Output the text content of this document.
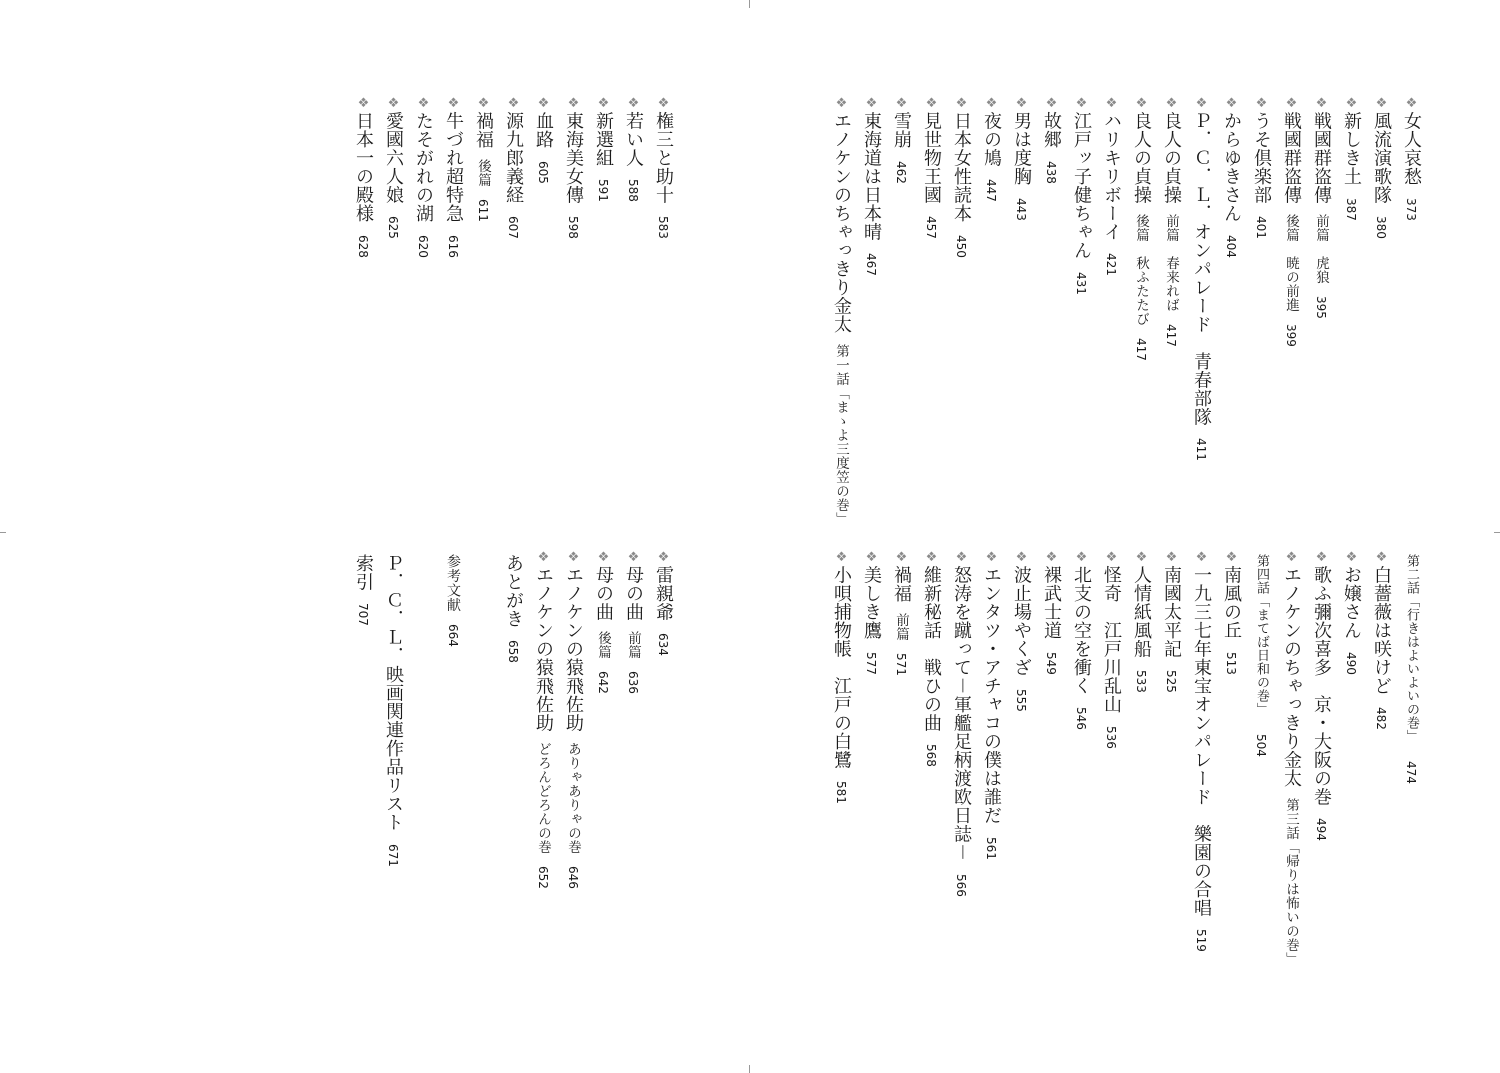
❖女人哀愁373
❖風流演歌隊380
❖新しき土387
❖戦國群盗傳前篇　虎狼395
❖戦國群盗傳後篇　暁の前進399
❖うそ倶楽部401
❖からゆきさん404
❖Ｐ．Ｃ．Ｌ．オンパレード　青春部隊411
❖良人の貞操前篇　春来れば417
❖良人の貞操後篇　秋ふたたび417
❖ハリキリボーイ421
❖江戸ッ子健ちゃん431
❖故郷438
❖男は度胸443
❖夜の鳩447
❖日本女性読本450
❖見世物王國457
❖雪崩462
❖東海道は日本晴467
❖エノケンのちゃっきり金太第一話「まゝよ三度笠の巻」
❖権三と助十583
❖若い人588
❖新選組591
❖東海美女傳598
❖血路605
❖源九郎義経607
❖禍福後篇611
❖牛づれ超特急616
❖たそがれの湖620
❖愛國六人娘625
❖日本一の殿様628
第二話「行きはよいよいの巻」474
❖白薔薇は咲けど482
❖お嬢さん490
❖歌ふ彌次喜多　京・大阪の巻494
❖エノケンのちゃっきり金太第三話「帰りは怖いの巻」
第四話「まてば日和の巻」504
❖南風の丘513
❖一九三七年東宝オンパレード　樂園の合唱519
❖南國太平記525
❖人情紙風船533
❖怪奇　江戸川乱山536
❖北支の空を衝く546
❖裸武士道549
❖波止場やくざ555
❖エンタツ・アチャコの僕は誰だ561
❖怒涛を蹴って－軍艦足柄渡欧日誌－566
❖維新秘話　戦ひの曲568
❖禍福前篇571
❖美しき鷹577
❖小唄捕物帳　江戸の白鷺581
❖雷親爺634
❖母の曲前篇636
❖母の曲後篇642
❖エノケンの猿飛佐助ありゃありゃの巻646
❖エノケンの猿飛佐助どろんどろんの巻652
あとがき658
参考文献664
Ｐ．Ｃ．Ｌ．映画関連作品リスト671
索引707
